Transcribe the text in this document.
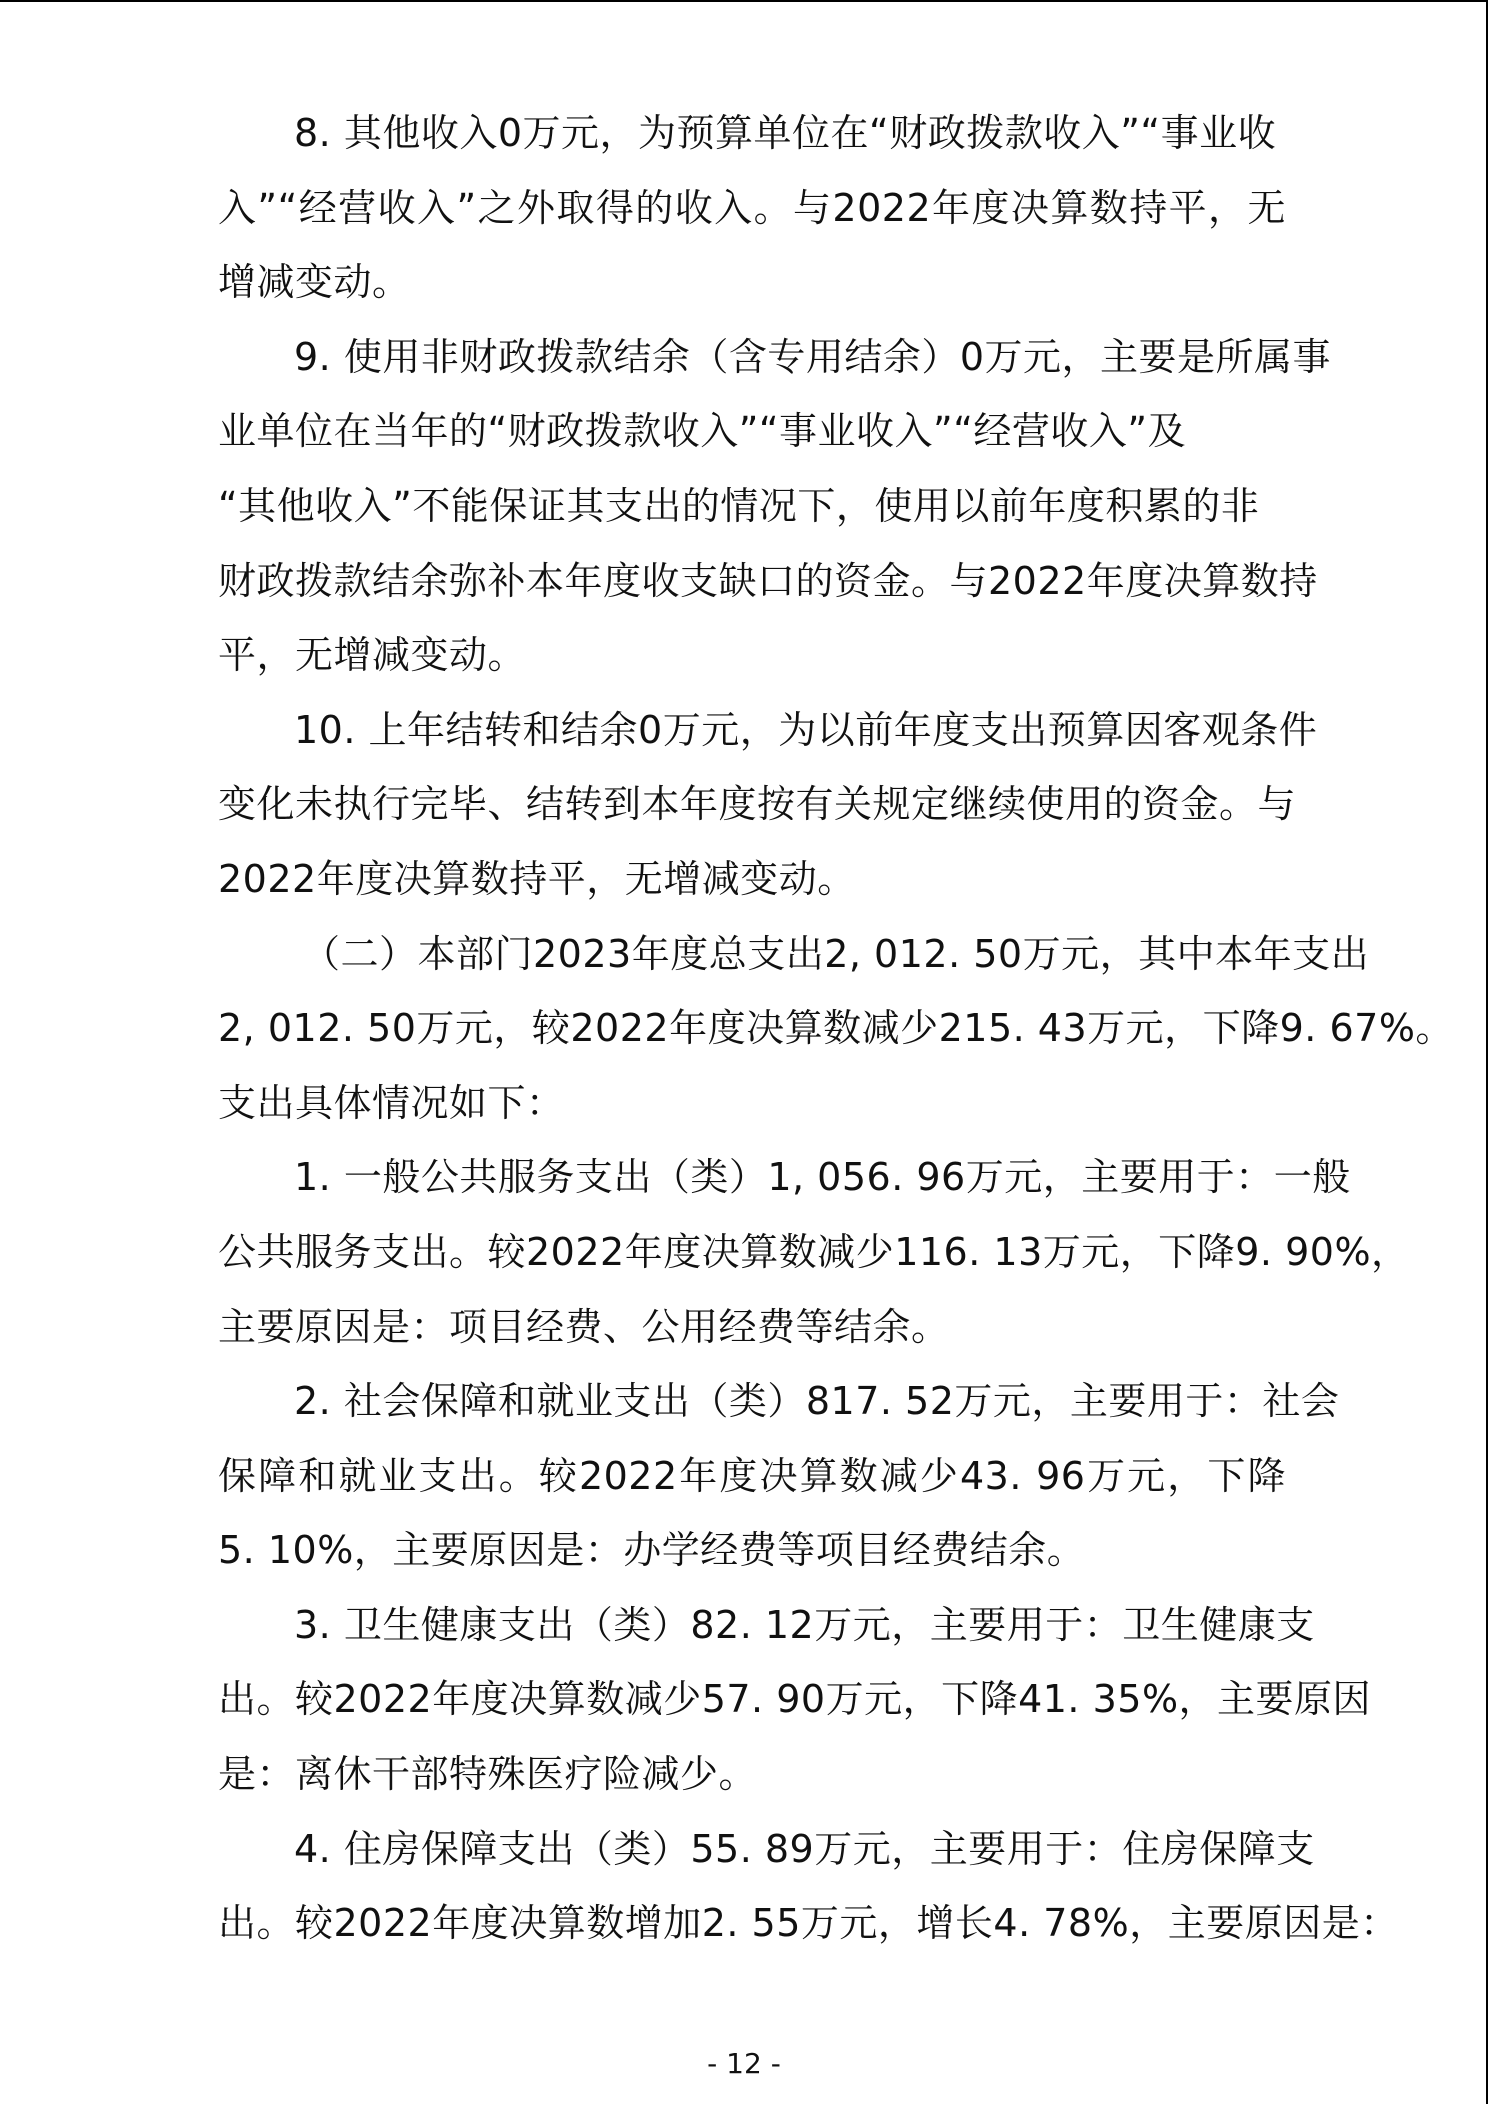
8. 其他收入0万元，为预算单位在“财政拨款收入”“事业收
入”“经营收入”之外取得的收入。与2022年度决算数持平，无
增减变动。
9. 使用非财政拨款结余（含专用结余）0万元，主要是所属事
业单位在当年的“财政拨款收入”“事业收入”“经营收入”及
“其他收入”不能保证其支出的情况下，使用以前年度积累的非
财政拨款结余弥补本年度收支缺口的资金。与2022年度决算数持
平，无增减变动。
10. 上年结转和结余0万元，为以前年度支出预算因客观条件
变化未执行完毕、结转到本年度按有关规定继续使用的资金。与
2022年度决算数持平，无增减变动。
（二）本部门2023年度总支出2, 012. 50万元，其中本年支出
2, 012. 50万元，较2022年度决算数减少215. 43万元，下降9. 67%。
支出具体情况如下：
1. 一般公共服务支出（类）1, 056. 96万元，主要用于：一般
公共服务支出。较2022年度决算数减少116. 13万元，下降9. 90%，
主要原因是：项目经费、公用经费等结余。
2. 社会保障和就业支出（类）817. 52万元，主要用于：社会
保障和就业支出。较2022年度决算数减少43. 96万元，下降
5. 10%，主要原因是：办学经费等项目经费结余。
3. 卫生健康支出（类）82. 12万元，主要用于：卫生健康支
出。较2022年度决算数减少57. 90万元，下降41. 35%，主要原因
是：离休干部特殊医疗险减少。
4. 住房保障支出（类）55. 89万元，主要用于：住房保障支
出。较2022年度决算数增加2. 55万元，增长4. 78%，主要原因是：
- 12 -
